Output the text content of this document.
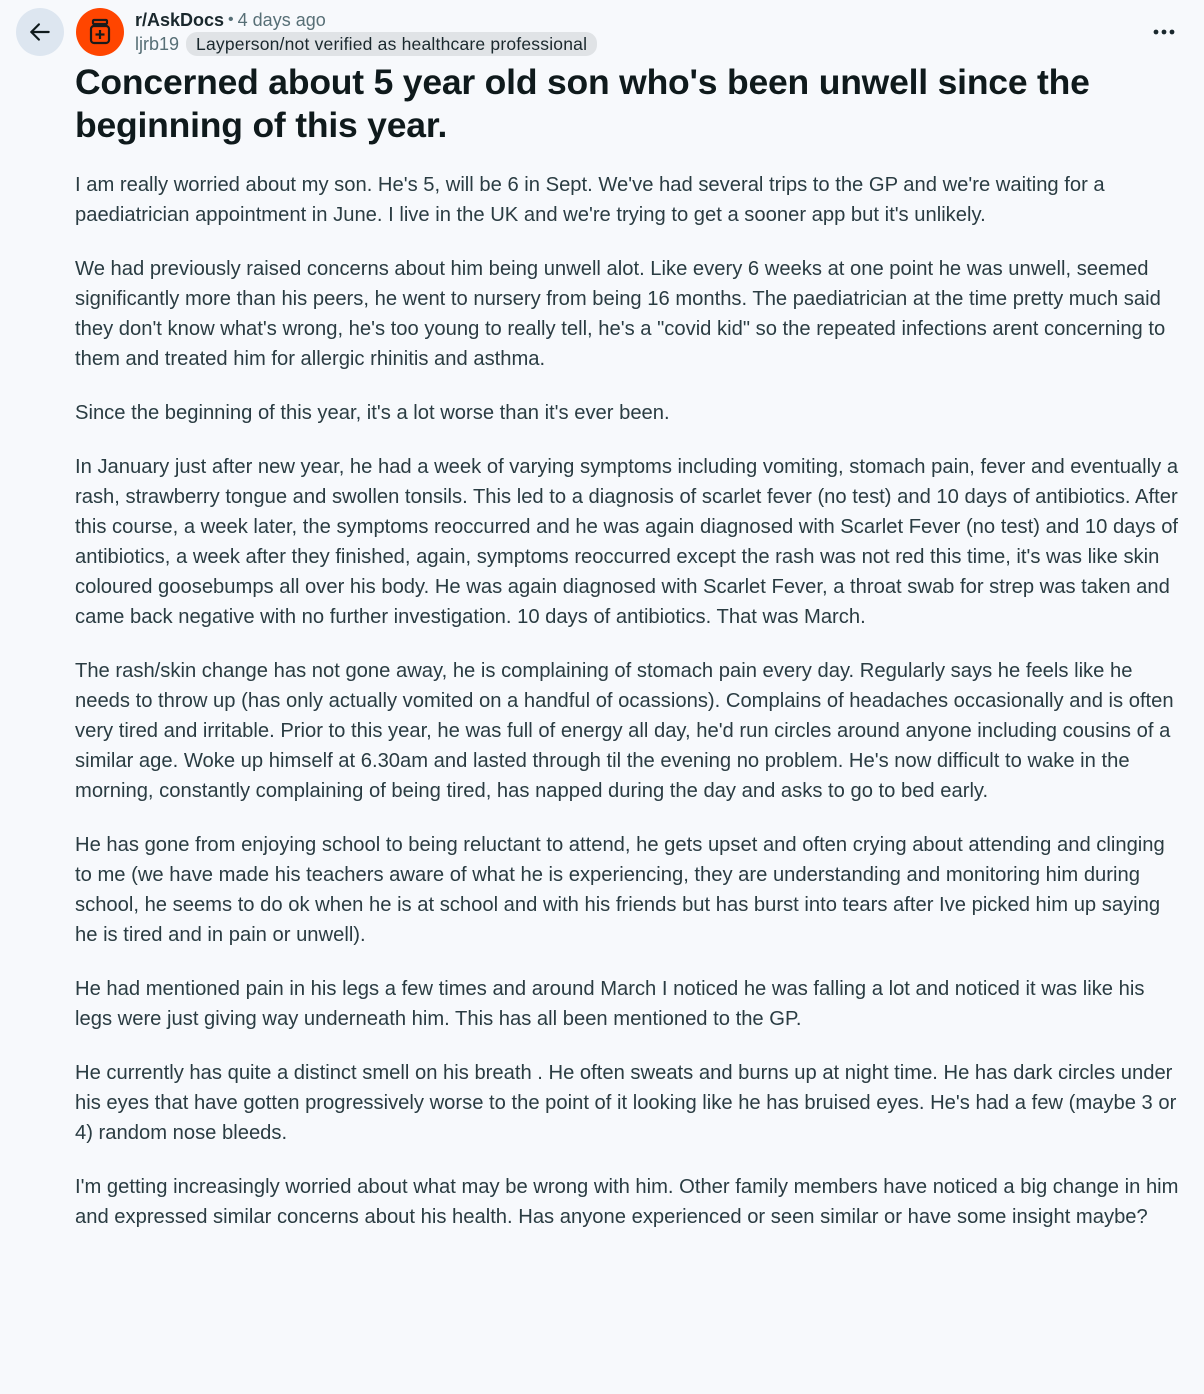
r/AskDocs • 4 days ago
ljrb19 Layperson/not verified as healthcare professional
Concerned about 5 year old son who's been unwell since the beginning of this year.

I am really worried about my son. He's 5, will be 6 in Sept. We've had several trips to the GP and we're waiting for a paediatrician appointment in June. I live in the UK and we're trying to get a sooner app but it's unlikely.

We had previously raised concerns about him being unwell alot. Like every 6 weeks at one point he was unwell, seemed significantly more than his peers, he went to nursery from being 16 months. The paediatrician at the time pretty much said they don't know what's wrong, he's too young to really tell, he's a "covid kid" so the repeated infections arent concerning to them and treated him for allergic rhinitis and asthma.

Since the beginning of this year, it's a lot worse than it's ever been.

In January just after new year, he had a week of varying symptoms including vomiting, stomach pain, fever and eventually a rash, strawberry tongue and swollen tonsils. This led to a diagnosis of scarlet fever (no test) and 10 days of antibiotics. After this course, a week later, the symptoms reoccurred and he was again diagnosed with Scarlet Fever (no test) and 10 days of antibiotics, a week after they finished, again, symptoms reoccurred except the rash was not red this time, it's was like skin coloured goosebumps all over his body. He was again diagnosed with Scarlet Fever, a throat swab for strep was taken and came back negative with no further investigation. 10 days of antibiotics. That was March.

The rash/skin change has not gone away, he is complaining of stomach pain every day. Regularly says he feels like he needs to throw up (has only actually vomited on a handful of ocassions). Complains of headaches occasionally and is often very tired and irritable. Prior to this year, he was full of energy all day, he'd run circles around anyone including cousins of a similar age. Woke up himself at 6.30am and lasted through til the evening no problem. He's now difficult to wake in the morning, constantly complaining of being tired, has napped during the day and asks to go to bed early.

He has gone from enjoying school to being reluctant to attend, he gets upset and often crying about attending and clinging to me (we have made his teachers aware of what he is experiencing, they are understanding and monitoring him during school, he seems to do ok when he is at school and with his friends but has burst into tears after Ive picked him up saying he is tired and in pain or unwell).

He had mentioned pain in his legs a few times and around March I noticed he was falling a lot and noticed it was like his legs were just giving way underneath him. This has all been mentioned to the GP.

He currently has quite a distinct smell on his breath . He often sweats and burns up at night time. He has dark circles under his eyes that have gotten progressively worse to the point of it looking like he has bruised eyes. He's had a few (maybe 3 or 4) random nose bleeds.

I'm getting increasingly worried about what may be wrong with him. Other family members have noticed a big change in him and expressed similar concerns about his health. Has anyone experienced or seen similar or have some insight maybe?
